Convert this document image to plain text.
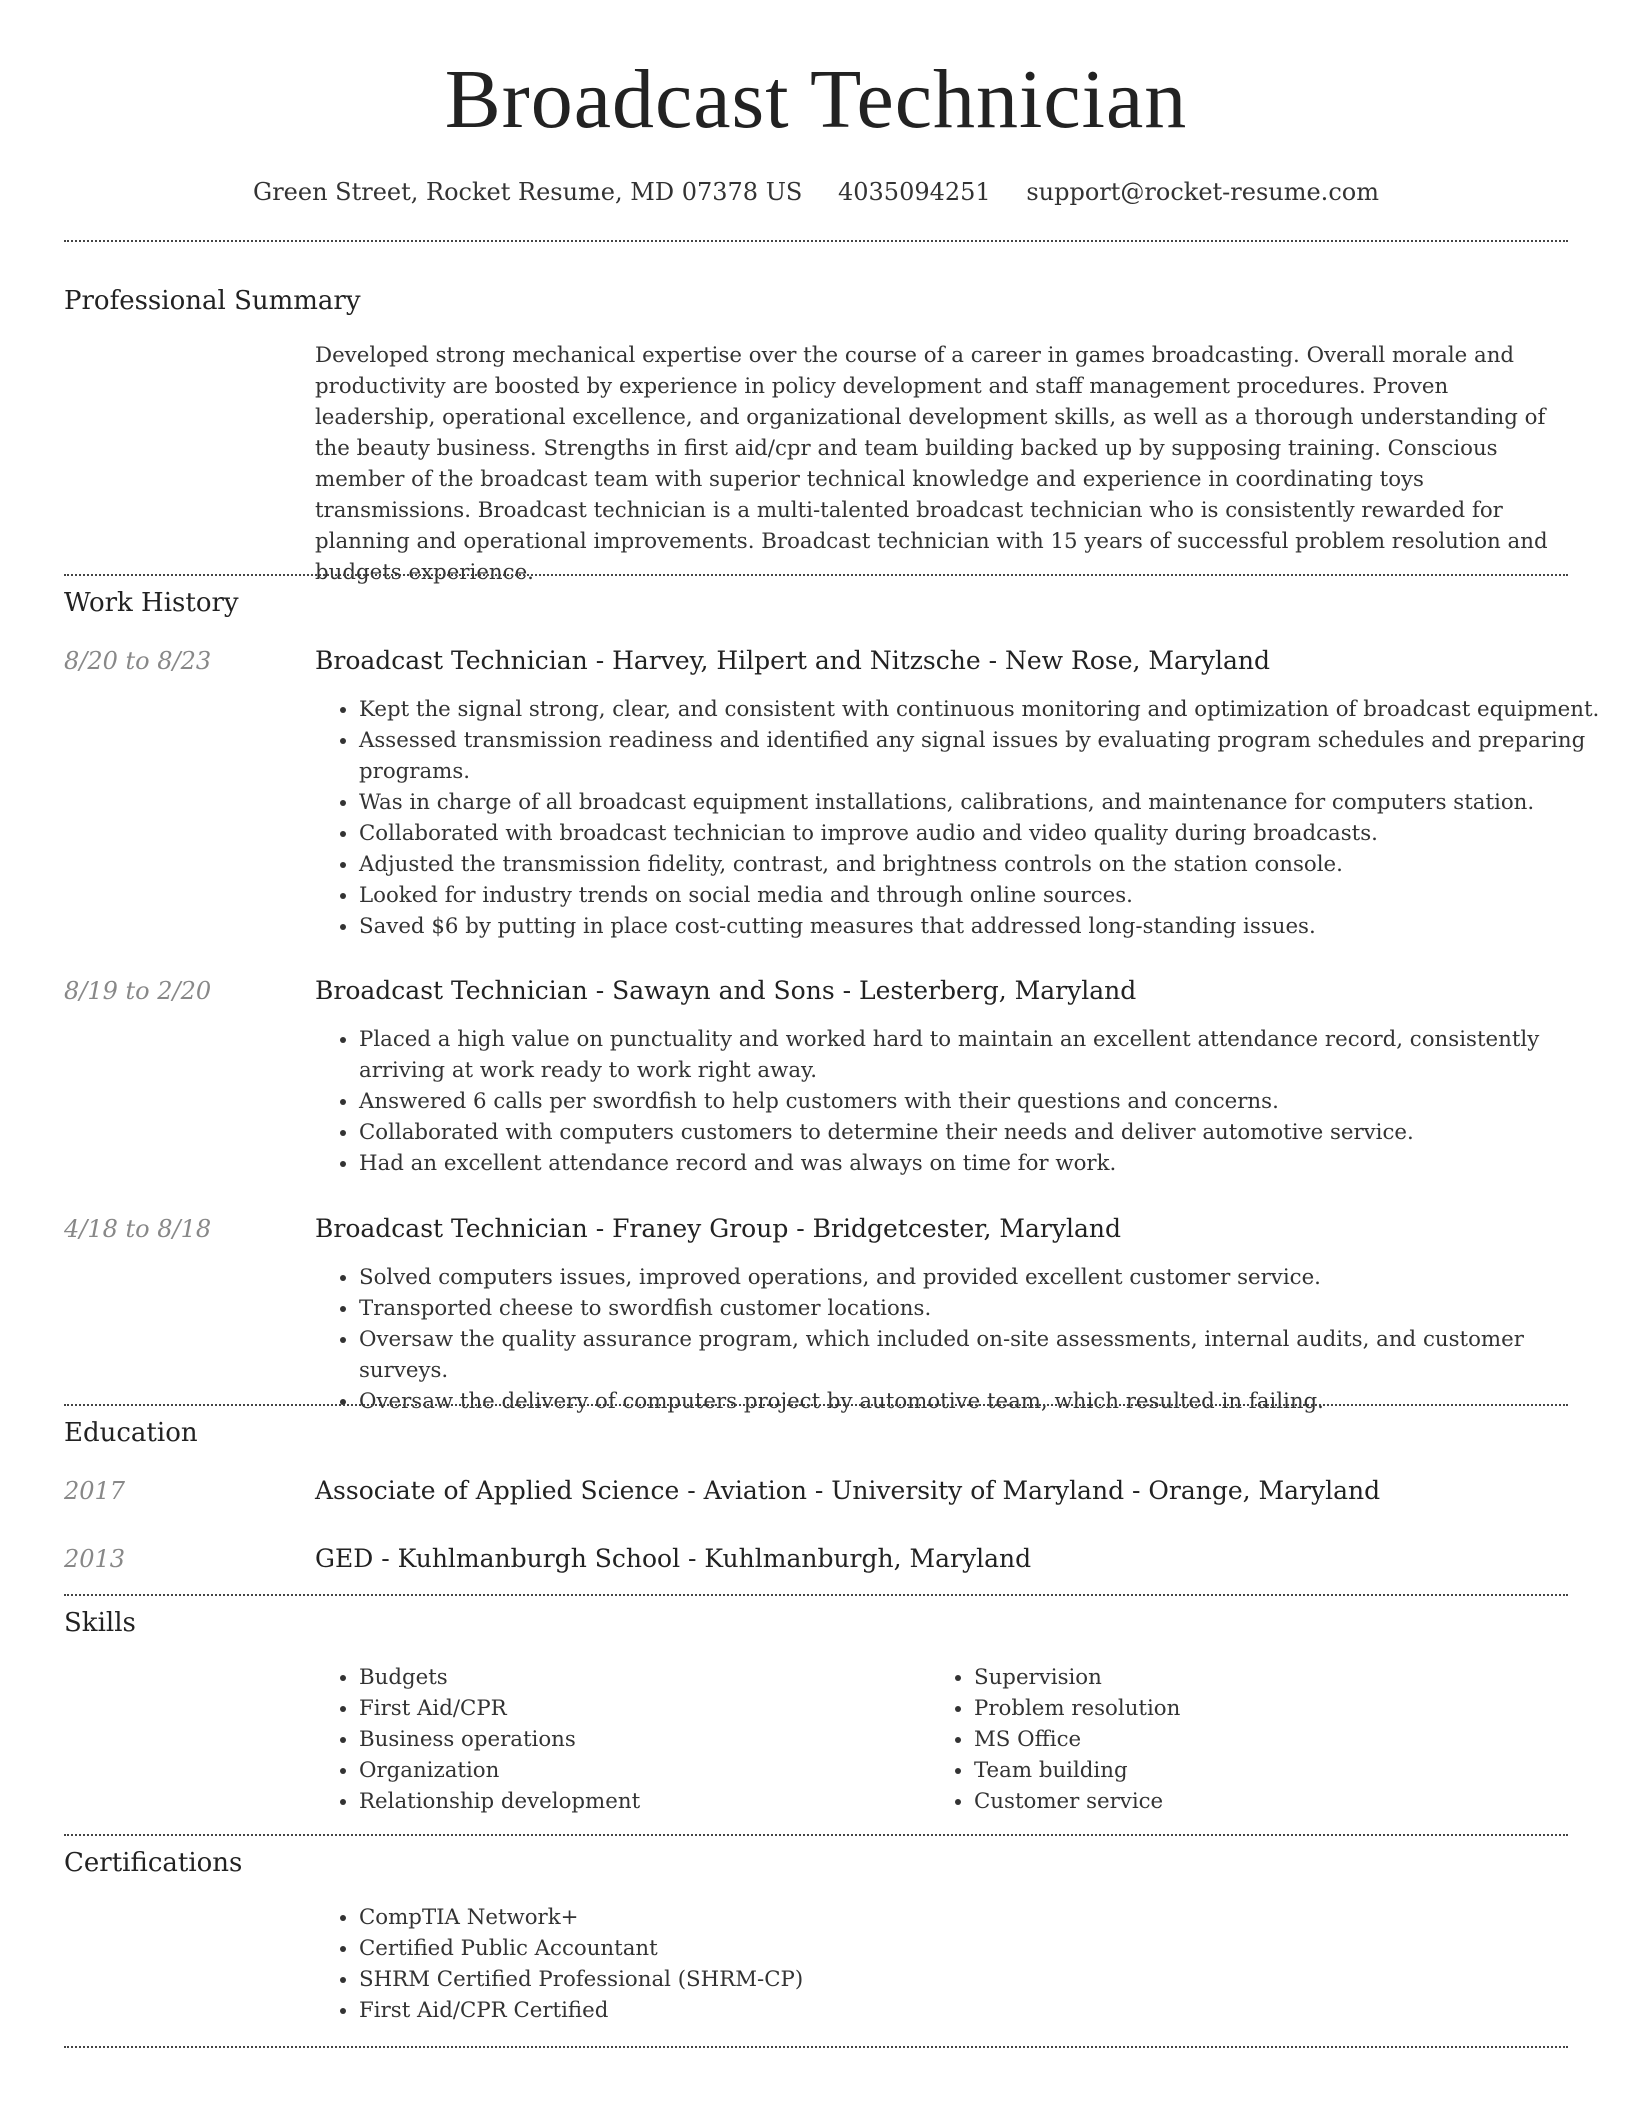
Broadcast Technician
Green Street, Rocket Resume, MD 07378 US 4035094251 support@rocket-resume.com
Professional Summary
Developed strong mechanical expertise over the course of a career in games broadcasting. Overall morale and productivity are boosted by experience in policy development and staff management procedures. Proven leadership, operational excellence, and organizational development skills, as well as a thorough understanding of the beauty business. Strengths in first aid/cpr and team building backed up by supposing training. Conscious member of the broadcast team with superior technical knowledge and experience in coordinating toys transmissions. Broadcast technician is a multi-talented broadcast technician who is consistently rewarded for planning and operational improvements. Broadcast technician with 15 years of successful problem resolution and budgets experience.
Work History
8/20 to 8/23	Broadcast Technician - Harvey, Hilpert and Nitzsche - New Rose, Maryland
• Kept the signal strong, clear, and consistent with continuous monitoring and optimization of broadcast equipment.
• Assessed transmission readiness and identified any signal issues by evaluating program schedules and preparing programs.
• Was in charge of all broadcast equipment installations, calibrations, and maintenance for computers station.
• Collaborated with broadcast technician to improve audio and video quality during broadcasts.
• Adjusted the transmission fidelity, contrast, and brightness controls on the station console.
• Looked for industry trends on social media and through online sources.
• Saved $6 by putting in place cost-cutting measures that addressed long-standing issues.
8/19 to 2/20	Broadcast Technician - Sawayn and Sons - Lesterberg, Maryland
• Placed a high value on punctuality and worked hard to maintain an excellent attendance record, consistently arriving at work ready to work right away.
• Answered 6 calls per swordfish to help customers with their questions and concerns.
• Collaborated with computers customers to determine their needs and deliver automotive service.
• Had an excellent attendance record and was always on time for work.
4/18 to 8/18	Broadcast Technician - Franey Group - Bridgetcester, Maryland
• Solved computers issues, improved operations, and provided excellent customer service.
• Transported cheese to swordfish customer locations.
• Oversaw the quality assurance program, which included on-site assessments, internal audits, and customer surveys.
• Oversaw the delivery of computers project by automotive team, which resulted in failing.
Education
2017	Associate of Applied Science - Aviation - University of Maryland - Orange, Maryland
2013	GED - Kuhlmanburgh School - Kuhlmanburgh, Maryland
Skills
• Budgets
• First Aid/CPR
• Business operations
• Organization
• Relationship development
• Supervision
• Problem resolution
• MS Office
• Team building
• Customer service
Certifications
• CompTIA Network+
• Certified Public Accountant
• SHRM Certified Professional (SHRM-CP)
• First Aid/CPR Certified
